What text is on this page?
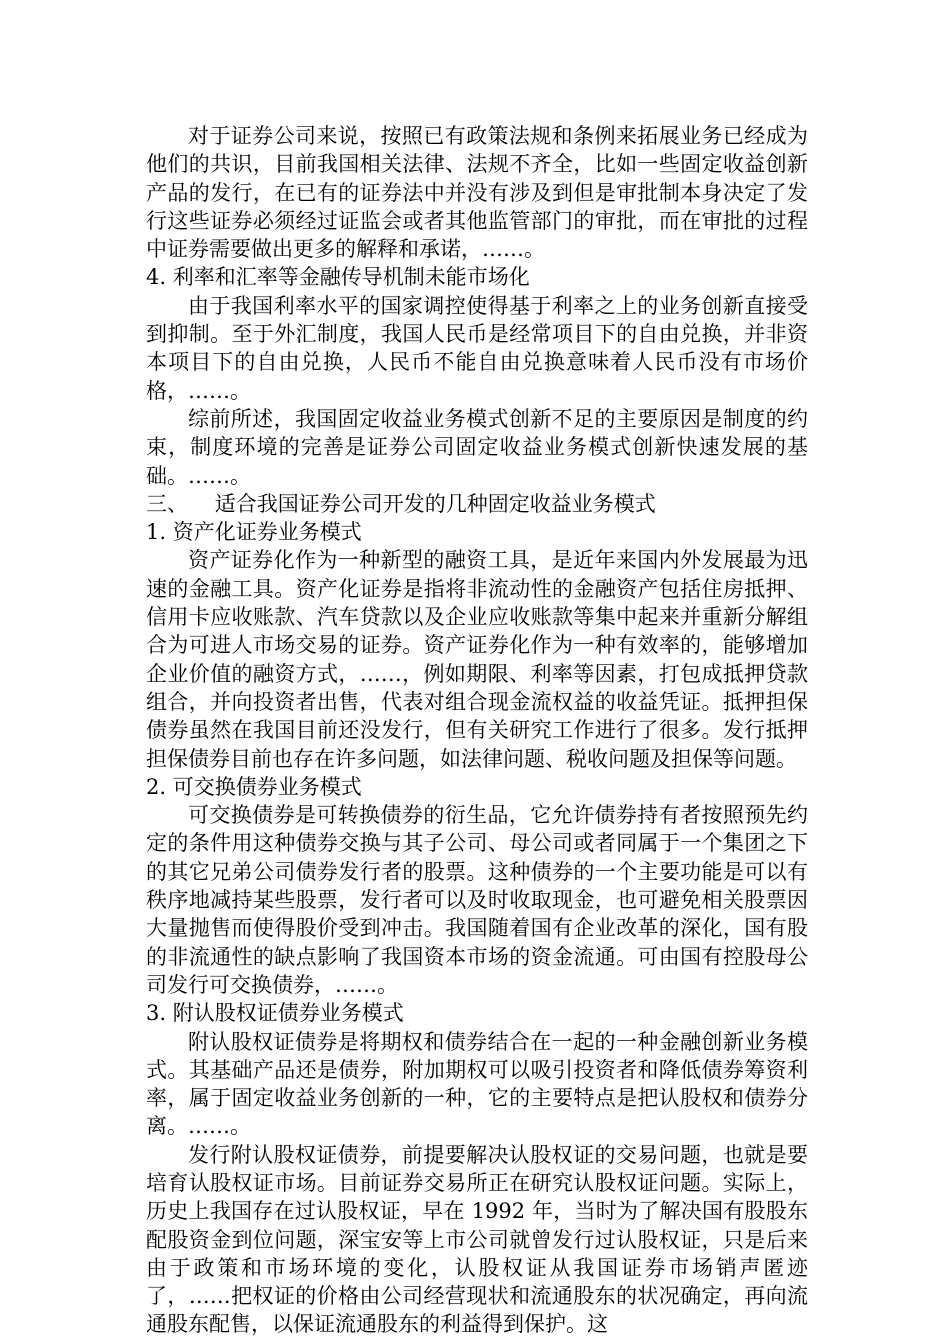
对于证券公司来说，按照已有政策法规和条例来拓展业务已经成为他们的共识，目前我国相关法律、法规不齐全，比如一些固定收益创新产品的发行，在已有的证券法中并没有涉及到但是审批制本身决定了发行这些证券必须经过证监会或者其他监管部门的审批，而在审批的过程中证券需要做出更多的解释和承诺，……。

4. 利率和汇率等金融传导机制未能市场化

由于我国利率水平的国家调控使得基于利率之上的业务创新直接受到抑制。至于外汇制度，我国人民币是经常项目下的自由兑换，并非资本项目下的自由兑换，人民币不能自由兑换意味着人民币没有市场价格，……。

综前所述，我国固定收益业务模式创新不足的主要原因是制度的约束，制度环境的完善是证券公司固定收益业务模式创新快速发展的基础。……。

三、    适合我国证券公司开发的几种固定收益业务模式

1. 资产化证券业务模式

资产证券化作为一种新型的融资工具，是近年来国内外发展最为迅速的金融工具。资产化证券是指将非流动性的金融资产包括住房抵押、信用卡应收账款、汽车贷款以及企业应收账款等集中起来并重新分解组合为可进人市场交易的证券。资产证券化作为一种有效率的，能够增加企业价值的融资方式，……，例如期限、利率等因素，打包成抵押贷款组合，并向投资者出售，代表对组合现金流权益的收益凭证。抵押担保债券虽然在我国目前还没发行，但有关研究工作进行了很多。发行抵押担保债券目前也存在许多问题，如法律问题、税收问题及担保等问题。

2. 可交换债券业务模式

可交换债券是可转换债券的衍生品，它允许债券持有者按照预先约定的条件用这种债券交换与其子公司、母公司或者同属于一个集团之下的其它兄弟公司债券发行者的股票。这种债券的一个主要功能是可以有秩序地减持某些股票，发行者可以及时收取现金，也可避免相关股票因大量抛售而使得股价受到冲击。我国随着国有企业改革的深化，国有股的非流通性的缺点影响了我国资本市场的资金流通。可由国有控股母公司发行可交换债券，……。

3. 附认股权证债券业务模式

附认股权证债券是将期权和债券结合在一起的一种金融创新业务模式。其基础产品还是债券，附加期权可以吸引投资者和降低债券筹资利率，属于固定收益业务创新的一种，它的主要特点是把认股权和债券分离。……。

发行附认股权证债券，前提要解决认股权证的交易问题，也就是要培育认股权证市场。目前证券交易所正在研究认股权证问题。实际上，历史上我国存在过认股权证，早在 1992 年，当时为了解决国有股股东配股资金到位问题，深宝安等上市公司就曾发行过认股权证，只是后来由于政策和市场环境的变化，认股权证从我国证券市场销声匿迹了，……把权证的价格由公司经营现状和流通股东的状况确定，再向流通股东配售，以保证流通股东的利益得到保护。这
